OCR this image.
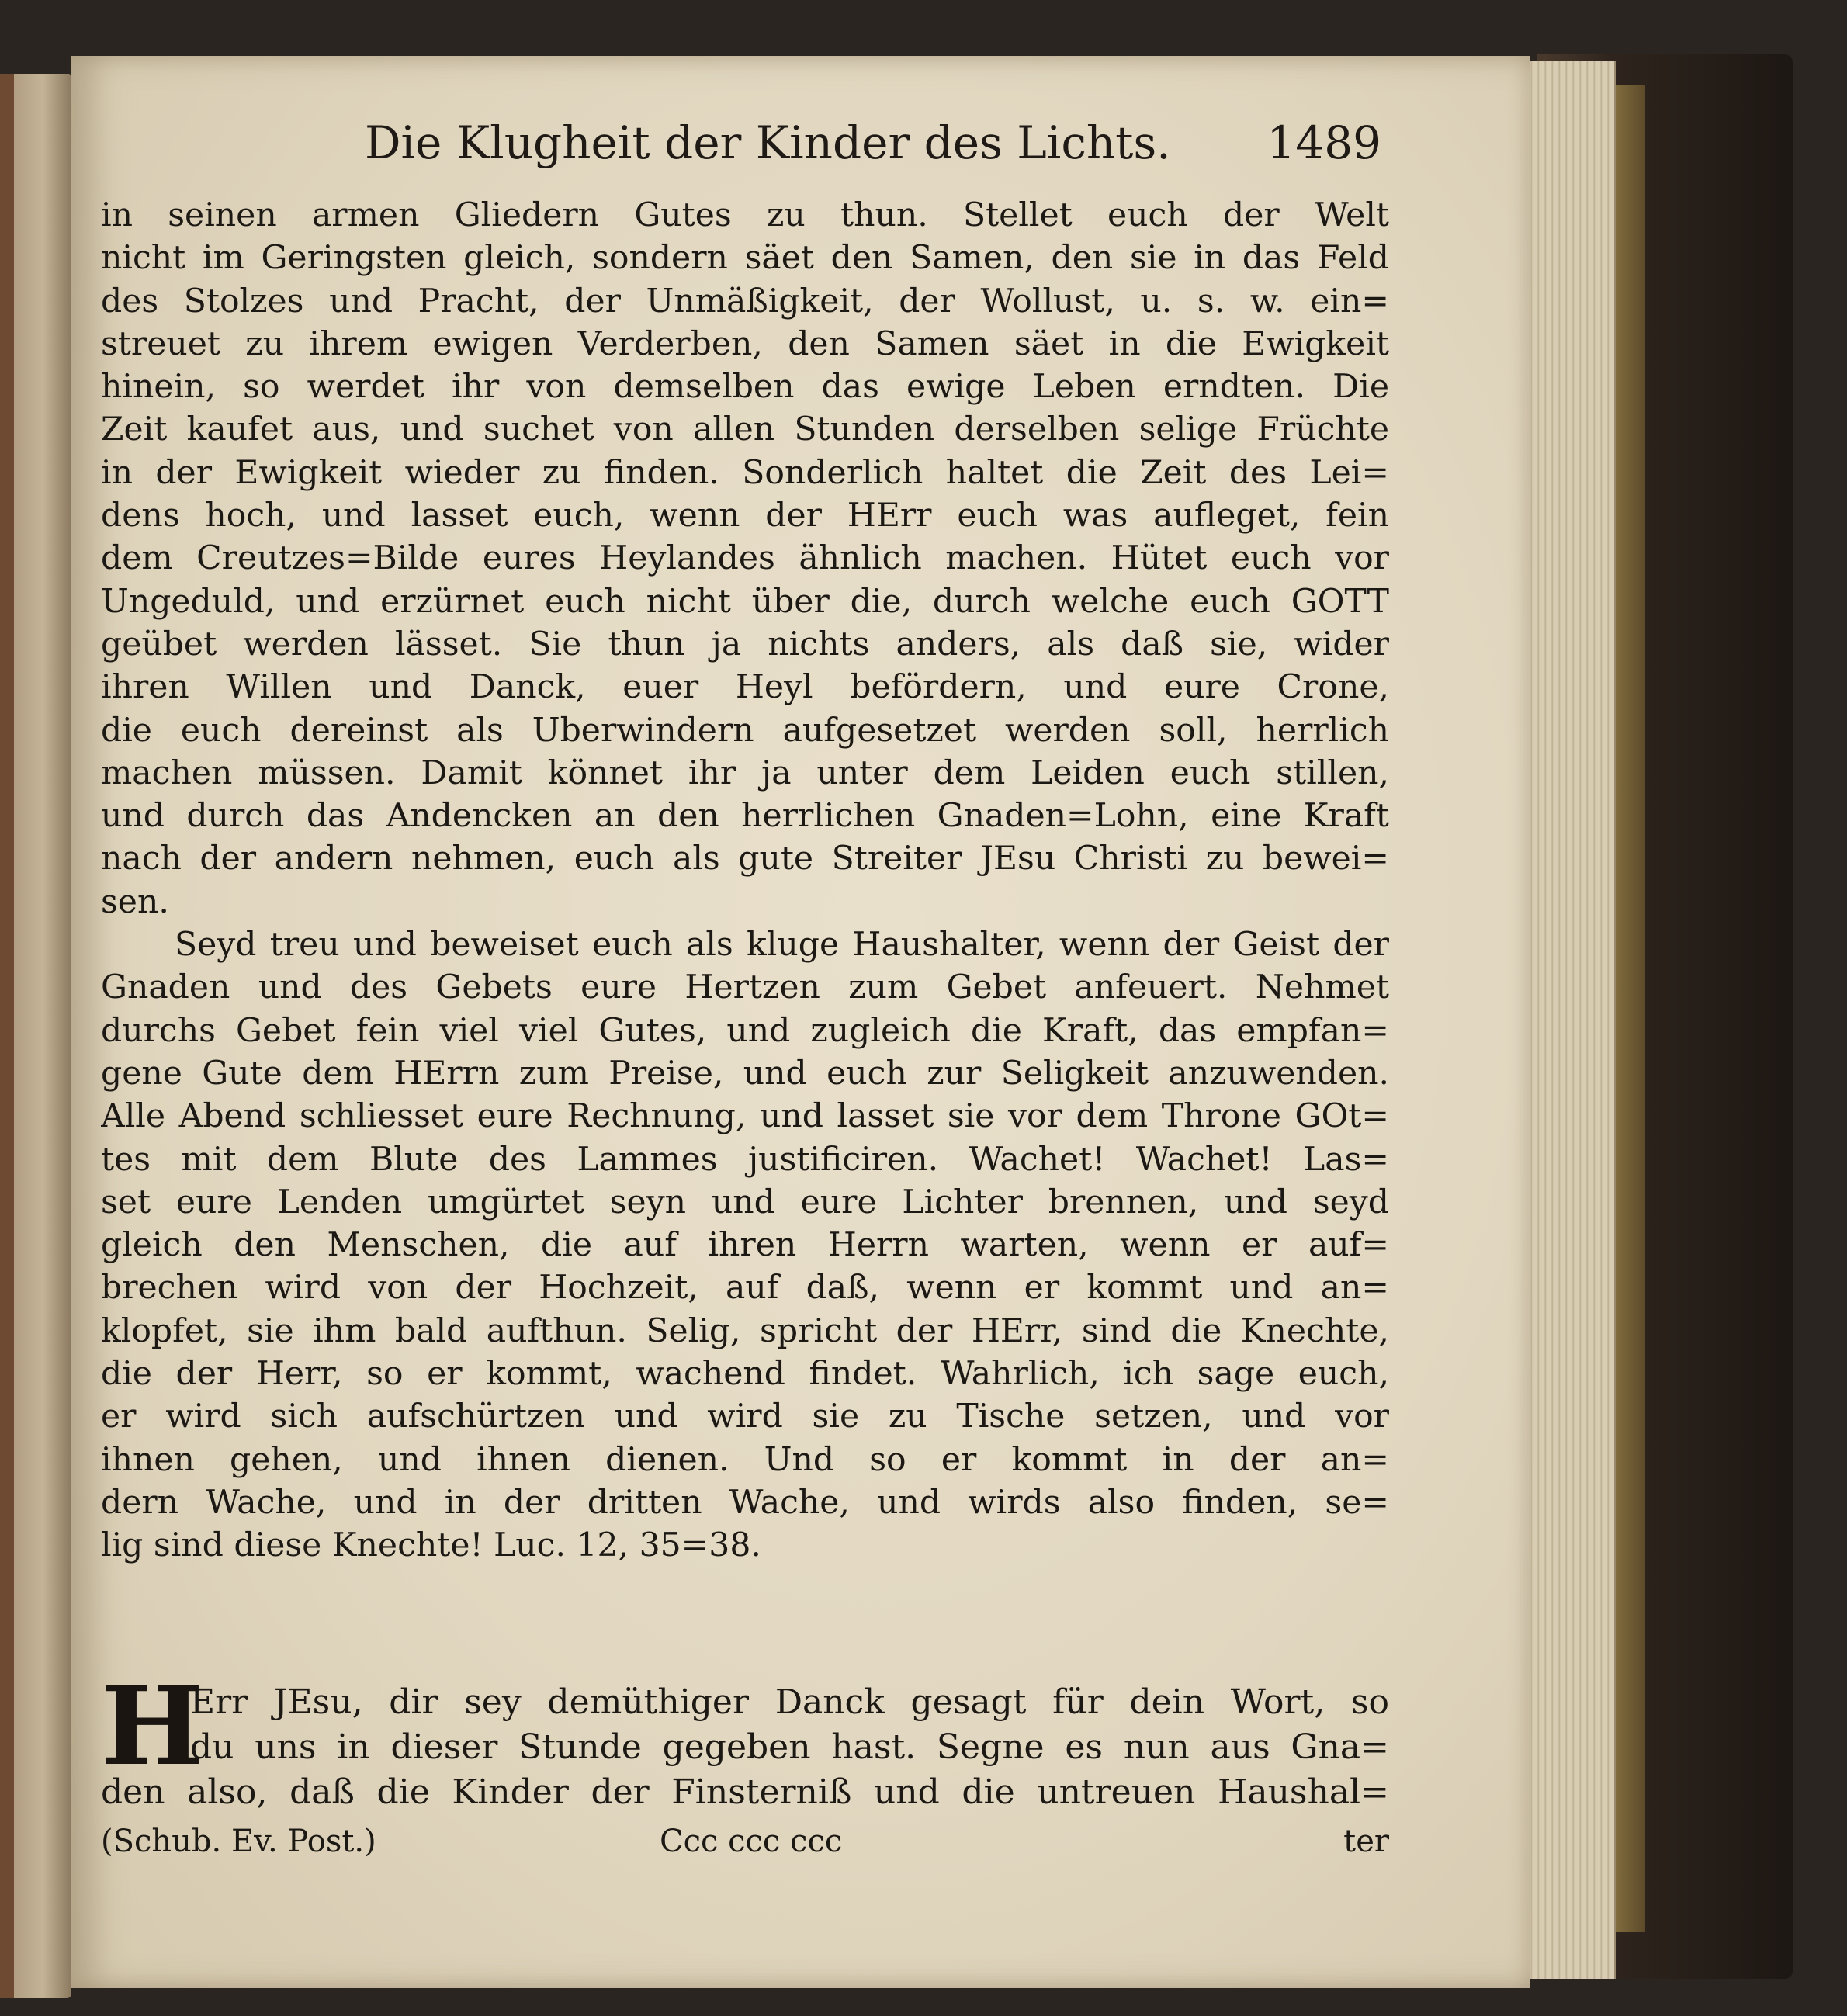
Die Klugheit der Kinder des Lichts. 1489
in seinen armen Gliedern Gutes zu thun. Stellet euch der Welt
nicht im Geringsten gleich, sondern säet den Samen, den sie in das Feld
des Stolzes und Pracht, der Unmäßigkeit, der Wollust, u. s. w. ein=
streuet zu ihrem ewigen Verderben, den Samen säet in die Ewigkeit
hinein, so werdet ihr von demselben das ewige Leben erndten. Die
Zeit kaufet aus, und suchet von allen Stunden derselben selige Früchte
in der Ewigkeit wieder zu finden. Sonderlich haltet die Zeit des Lei=
dens hoch, und lasset euch, wenn der HErr euch was aufleget, fein
dem Creutzes=Bilde eures Heylandes ähnlich machen. Hütet euch vor
Ungeduld, und erzürnet euch nicht über die, durch welche euch GOTT
geübet werden lässet. Sie thun ja nichts anders, als daß sie, wider
ihren Willen und Danck, euer Heyl befördern, und eure Crone,
die euch dereinst als Uberwindern aufgesetzet werden soll, herrlich
machen müssen. Damit könnet ihr ja unter dem Leiden euch stillen,
und durch das Andencken an den herrlichen Gnaden=Lohn, eine Kraft
nach der andern nehmen, euch als gute Streiter JEsu Christi zu bewei=
sen.
Seyd treu und beweiset euch als kluge Haushalter, wenn der Geist der
Gnaden und des Gebets eure Hertzen zum Gebet anfeuert. Nehmet
durchs Gebet fein viel viel Gutes, und zugleich die Kraft, das empfan=
gene Gute dem HErrn zum Preise, und euch zur Seligkeit anzuwenden.
Alle Abend schliesset eure Rechnung, und lasset sie vor dem Throne GOt=
tes mit dem Blute des Lammes justificiren. Wachet! Wachet! Las=
set eure Lenden umgürtet seyn und eure Lichter brennen, und seyd
gleich den Menschen, die auf ihren Herrn warten, wenn er auf=
brechen wird von der Hochzeit, auf daß, wenn er kommt und an=
klopfet, sie ihm bald aufthun. Selig, spricht der HErr, sind die Knechte,
die der Herr, so er kommt, wachend findet. Wahrlich, ich sage euch,
er wird sich aufschürtzen und wird sie zu Tische setzen, und vor
ihnen gehen, und ihnen dienen. Und so er kommt in der an=
dern Wache, und in der dritten Wache, und wirds also finden, se=
lig sind diese Knechte! Luc. 12, 35=38.
H
Err JEsu, dir sey demüthiger Danck gesagt für dein Wort, so
du uns in dieser Stunde gegeben hast. Segne es nun aus Gna=
den also, daß die Kinder der Finsterniß und die untreuen Haushal=
(Schub. Ev. Post.)	Ccc ccc ccc	ter
